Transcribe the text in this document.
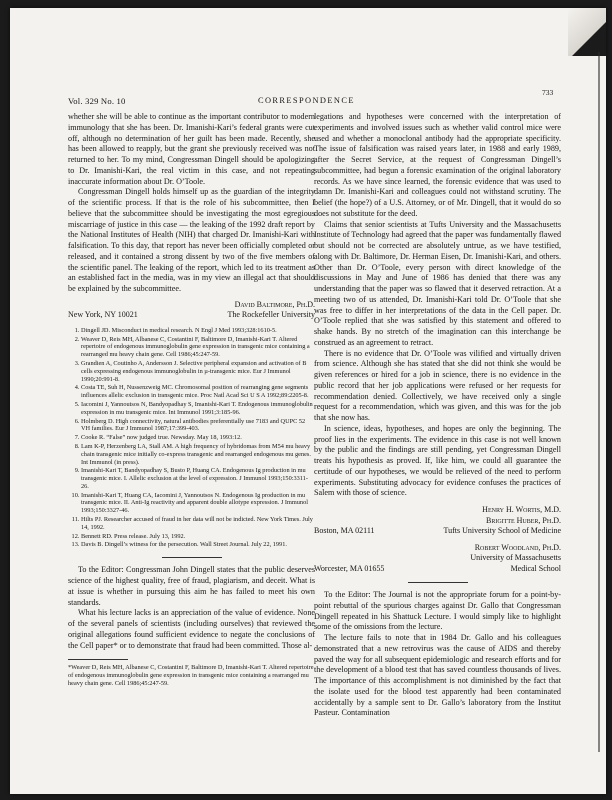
Vol. 329 No. 10	CORRESPONDENCE
733

whether she will be able to continue as the important contributor to modern immunology that she has been. Dr. Imanishi-Kari’s federal grants were cut off, although no determination of her guilt has been made. Recently, she has been allowed to reapply, but the grant she previously received was not returned to her. To my mind, Congressman Dingell should be apologizing to Dr. Imanishi-Kari, the real victim in this case, and not repeating inaccurate information about Dr. O’Toole.

Congressman Dingell holds himself up as the guardian of the integrity of the scientific process. If that is the role of his subcommittee, then I believe that the subcommittee should be investigating the most egregious miscarriage of justice in this case — the leaking of the 1992 draft report by the National Institutes of Health (NIH) that charged Dr. Imanishi-Kari with falsification. To this day, that report has never been officially completed or released, and it contained a strong dissent by two of the five members of the scientific panel. The leaking of the report, which led to its treatment as an established fact in the media, was in my view an illegal act that should be explained by the subcommittee.

David Baltimore, Ph.D.
New York, NY 10021	The Rockefeller University
1. Dingell JD. Misconduct in medical research. N Engl J Med 1993;328:1610-5.
2. Weaver D, Reis MH, Albanese C, Costantini F, Baltimore D, Imanishi-Kari T. Altered repertoire of endogenous immunoglobulin gene expression in transgenic mice containing a rearranged mu heavy chain gene. Cell 1986;45:247-59.
3. Grandien A, Coutinho A, Andersson J. Selective peripheral expansion and activation of B cells expressing endogenous immunoglobulin in µ-transgenic mice. Eur J Immunol 1990;20:991-8.
4. Costa TE, Suh H, Nussenzweig MC. Chromosomal position of rearranging gene segments influences allelic exclusion in transgenic mice. Proc Natl Acad Sci U S A 1992;89:2205-8.
5. Iacomini J, Yannoutsos N, Bandyopadhay S, Imanishi-Kari T. Endogenous immunoglobulin expression in mu transgenic mice. Int Immunol 1991;3:185-96.
6. Holmberg D. High connectivity, natural antibodies preferentially use 7183 and QUPC 52 VH families. Eur J Immunol 1987;17:399-403.
7. Cooke R. “False” now judged true. Newsday. May 18, 1993:12.
8. Lam K-P, Herzenberg LA, Stall AM. A high frequency of hybridomas from M54 mu heavy chain transgenic mice initially co-express transgenic and rearranged endogenous mu genes. Int Immunol (in press).
9. Imanishi-Kari T, Bandyopadhay S, Busto P, Huang CA. Endogenous Ig production in mu transgenic mice. I. Allelic exclusion at the level of expression. J Immunol 1993;150:3311-26.
10. Imanishi-Kari T, Huang CA, Iacomini J, Yannoutsos N. Endogenous Ig production in mu transgenic mice. II. Anti-Ig reactivity and apparent double allotype expression. J Immunol 1993;150:3327-46.
11. Hilts PJ. Researcher accused of fraud in her data will not be indicted. New York Times. July 14, 1992.
12. Bennett RD. Press release. July 13, 1992.
13. Davis B. Dingell’s witness for the persecution. Wall Street Journal. July 22, 1991.

To the Editor: Congressman John Dingell states that the public deserves science of the highest quality, free of fraud, plagiarism, and deceit. What is at issue is whether in pursuing this aim he has failed to meet his own standards.

What his lecture lacks is an appreciation of the value of evidence. None of the several panels of scientists (including ourselves) that reviewed the original allegations found sufficient evidence to negate the conclusions of the Cell paper* or to demonstrate that fraud had been committed. Those al-

*Weaver D, Reis MH, Albanese C, Costantini F, Baltimore D, Imanishi-Kari T. Altered repertoire of endogenous immunoglobulin gene expression in transgenic mice containing a rearranged mu heavy chain gene. Cell 1986;45:247-59.

legations and hypotheses were concerned with the interpretation of experiments and involved issues such as whether valid control mice were used and whether a monoclonal antibody had the appropriate specificity. The issue of falsification was raised years later, in 1988 and early 1989, after the Secret Service, at the request of Congressman Dingell’s subcommittee, had begun a forensic examination of the original laboratory records. As we have since learned, the forensic evidence that was used to damn Dr. Imanishi-Kari and colleagues could not withstand scrutiny. The belief (the hope?) of a U.S. Attorney, or of Mr. Dingell, that it would do so does not substitute for the deed.

Claims that senior scientists at Tufts University and the Massachusetts Institute of Technology had agreed that the paper was fundamentally flawed but should not be corrected are absolutely untrue, as we have testified, along with Dr. Baltimore, Dr. Herman Eisen, Dr. Imanishi-Kari, and others. Other than Dr. O’Toole, every person with direct knowledge of the discussions in May and June of 1986 has denied that there was any understanding that the paper was so flawed that it deserved retraction. At a meeting two of us attended, Dr. Imanishi-Kari told Dr. O’Toole that she was free to differ in her interpretations of the data in the Cell paper. Dr. O’Toole replied that she was satisfied by this statement and offered to shake hands. By no stretch of the imagination can this interchange be construed as an agreement to retract.

There is no evidence that Dr. O’Toole was vilified and virtually driven from science. Although she has stated that she did not think she would be given references or hired for a job in science, there is no evidence in the public record that her job applications were refused or her requests for recommendation denied. Collectively, we have received only a single request for a recommendation, which was given, and this was for the job that she now has.

In science, ideas, hypotheses, and hopes are only the beginning. The proof lies in the experiments. The evidence in this case is not well known by the public and the findings are still pending, yet Congressman Dingell treats his hypothesis as proved. If, like him, we could all guarantee the certitude of our hypotheses, we would be relieved of the need to perform experiments. Substituting advocacy for evidence confuses the practices of Salem with those of science.

Henry H. Wortis, M.D.
Brigitte Huber, Ph.D.
Boston, MA 02111	Tufts University School of Medicine
Robert Woodland, Ph.D.
University of Massachusetts
Worcester, MA 01655	Medical School

To the Editor: The Journal is not the appropriate forum for a point-by-point rebuttal of the spurious charges against Dr. Gallo that Congressman Dingell repeated in his Shattuck Lecture. I would simply like to highlight some of the omissions from the lecture.

The lecture fails to note that in 1984 Dr. Gallo and his colleagues demonstrated that a new retrovirus was the cause of AIDS and thereby paved the way for all subsequent epidemiologic and research efforts and for the development of a blood test that has saved countless thousands of lives. The importance of this accomplishment is not diminished by the fact that the isolate used for the blood test apparently had been contaminated accidentally by a sample sent to Dr. Gallo’s laboratory from the Institut Pasteur. Contamination
